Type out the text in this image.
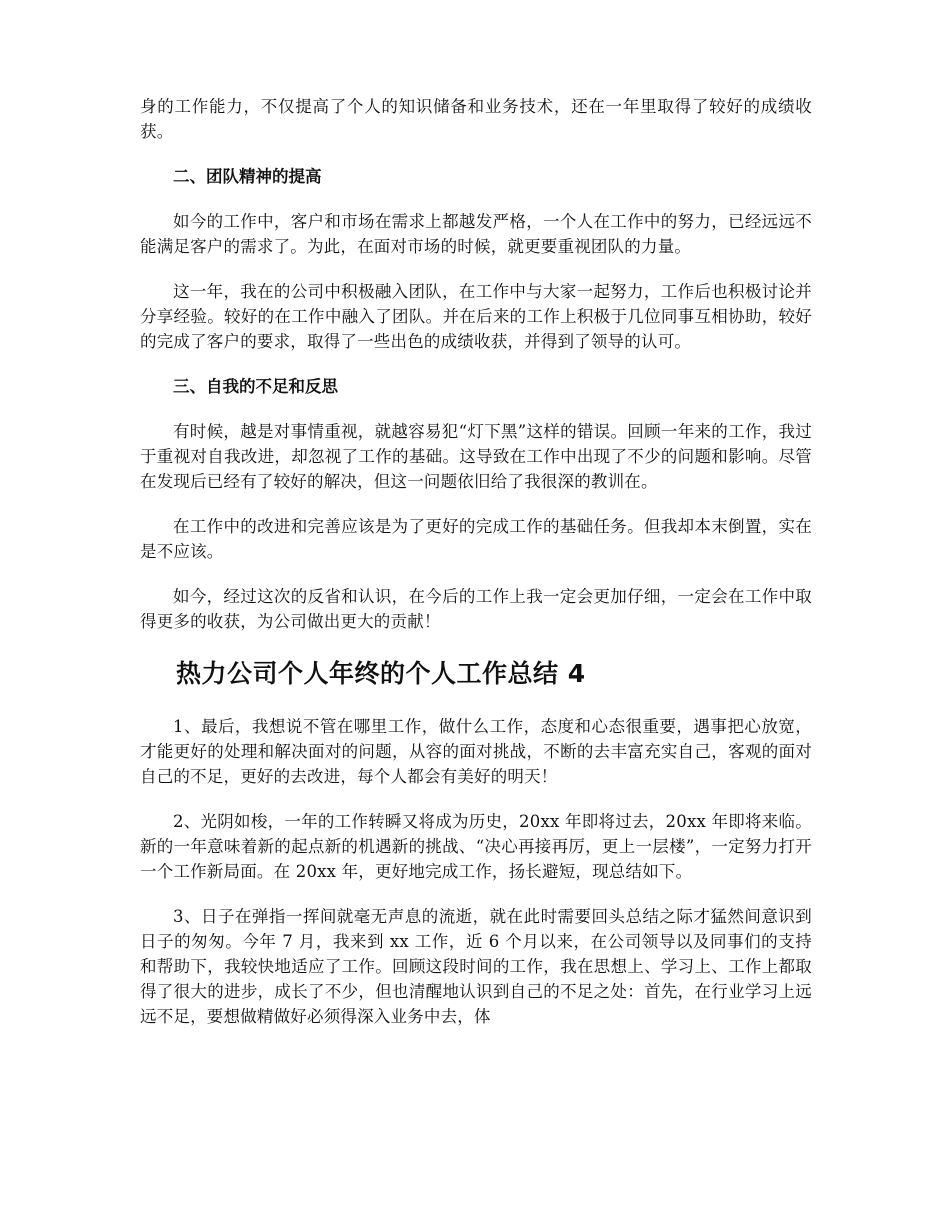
身的工作能力，不仅提高了个人的知识储备和业务技术，还在一年里取得了较好的成绩收获。

二、团队精神的提高

如今的工作中，客户和市场在需求上都越发严格，一个人在工作中的努力，已经远远不能满足客户的需求了。为此，在面对市场的时候，就更要重视团队的力量。

这一年，我在的公司中积极融入团队，在工作中与大家一起努力，工作后也积极讨论并分享经验。较好的在工作中融入了团队。并在后来的工作上积极于几位同事互相协助，较好的完成了客户的要求，取得了一些出色的成绩收获，并得到了领导的认可。

三、自我的不足和反思

有时候，越是对事情重视，就越容易犯“灯下黑”这样的错误。回顾一年来的工作，我过于重视对自我改进，却忽视了工作的基础。这导致在工作中出现了不少的问题和影响。尽管在发现后已经有了较好的解决，但这一问题依旧给了我很深的教训在。

在工作中的改进和完善应该是为了更好的完成工作的基础任务。但我却本末倒置，实在是不应该。

如今，经过这次的反省和认识，在今后的工作上我一定会更加仔细，一定会在工作中取得更多的收获，为公司做出更大的贡献！

热力公司个人年终的个人工作总结 4

1、最后，我想说不管在哪里工作，做什么工作，态度和心态很重要，遇事把心放宽，才能更好的处理和解决面对的问题，从容的面对挑战，不断的去丰富充实自己，客观的面对自己的不足，更好的去改进，每个人都会有美好的明天！

2、光阴如梭，一年的工作转瞬又将成为历史，20xx 年即将过去，20xx 年即将来临。新的一年意味着新的起点新的机遇新的挑战、“决心再接再厉，更上一层楼”，一定努力打开一个工作新局面。在 20xx 年，更好地完成工作，扬长避短，现总结如下。

3、日子在弹指一挥间就毫无声息的流逝，就在此时需要回头总结之际才猛然间意识到日子的匆匆。今年 7 月，我来到 xx 工作，近 6 个月以来，在公司领导以及同事们的支持和帮助下，我较快地适应了工作。回顾这段时间的工作，我在思想上、学习上、工作上都取得了很大的进步，成长了不少，但也清醒地认识到自己的不足之处：首先，在行业学习上远远不足，要想做精做好必须得深入业务中去，体
